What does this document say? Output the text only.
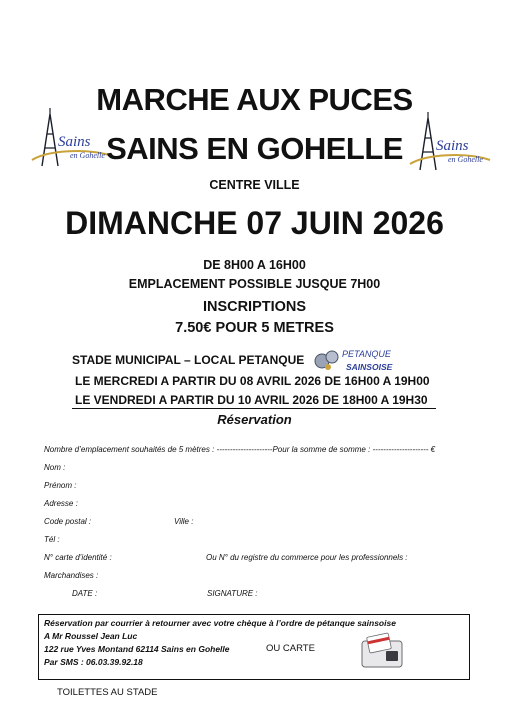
Sains
en Gohelle
Sains
en Gohelle
MARCHE AUX PUCES
SAINS EN GOHELLE
CENTRE VILLE
DIMANCHE 07 JUIN 2026
DE 8H00 A 16H00
EMPLACEMENT POSSIBLE JUSQUE 7H00
INSCRIPTIONS
7.50€ POUR 5 METRES
STADE MUNICIPAL – LOCAL PETANQUE	PETANQUE
SAINSOISE
LE MERCREDI A PARTIR DU 08 AVRIL 2026 DE 16H00 A 19H00
LE VENDREDI A PARTIR DU 10 AVRIL 2026 DE 18H00 A 19H30
Réservation
Nombre d’emplacement souhaités de 5 mètres : ---------------------Pour la somme de somme : --------------------- €
Nom :
Prénom :
Adresse :
Code postal :	Ville :
Tél :
N° carte d’identité :	Ou N° du registre du commerce pour les professionnels :
Marchandises :
DATE :	SIGNATURE :
Réservation par courrier à retourner avec votre chèque à l’ordre de pétanque sainsoise
A Mr Roussel Jean Luc
122 rue Yves Montand 62114 Sains en Gohelle
Par SMS : 06.03.39.92.18
OU CARTE
TOILETTES AU STADE
